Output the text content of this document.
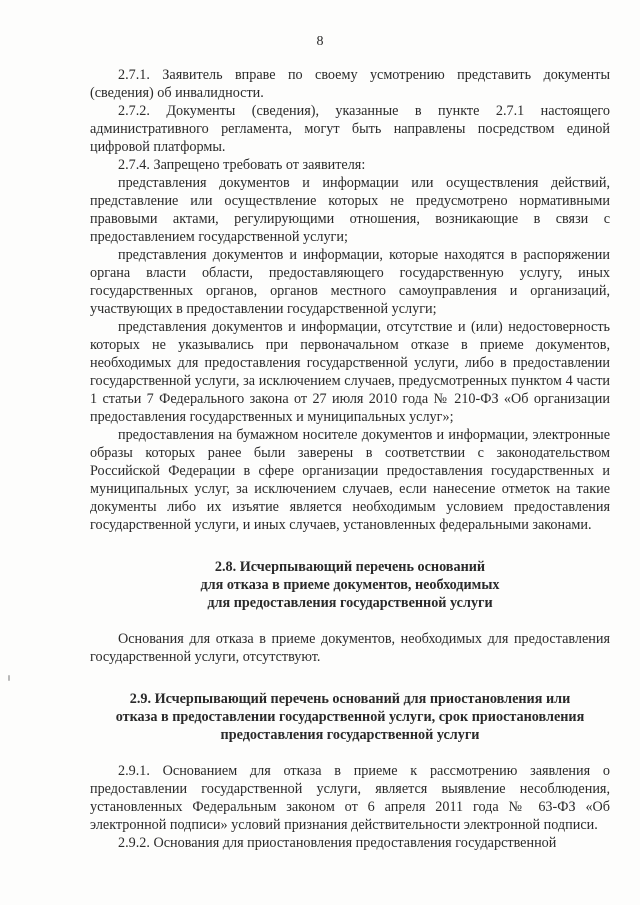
8

2.7.1. Заявитель вправе по своему усмотрению представить документы (сведения) об инвалидности.

2.7.2. Документы (сведения), указанные в пункте 2.7.1 настоящего административного регламента, могут быть направлены посредством единой цифровой платформы.

2.7.4. Запрещено требовать от заявителя:

представления документов и информации или осуществления действий, представление или осуществление которых не предусмотрено нормативными правовыми актами, регулирующими отношения, возникающие в связи с предоставлением государственной услуги;

представления документов и информации, которые находятся в распоряжении органа власти области, предоставляющего государственную услугу, иных государственных органов, органов местного самоуправления и организаций, участвующих в предоставлении государственной услуги;

представления документов и информации, отсутствие и (или) недостоверность которых не указывались при первоначальном отказе в приеме документов, необходимых для предоставления государственной услуги, либо в предоставлении государственной услуги, за исключением случаев, предусмотренных пунктом 4 части 1 статьи 7 Федерального закона от 27 июля 2010 года № 210-ФЗ «Об организации предоставления государственных и муниципальных услуг»;

предоставления на бумажном носителе документов и информации, электронные образы которых ранее были заверены в соответствии с законодательством Российской Федерации в сфере организации предоставления государственных и муниципальных услуг, за исключением случаев, если нанесение отметок на такие документы либо их изъятие является необходимым условием предоставления государственной услуги, и иных случаев, установленных федеральными законами.

2.8. Исчерпывающий перечень оснований
для отказа в приеме документов, необходимых
для предоставления государственной услуги

Основания для отказа в приеме документов, необходимых для предоставления государственной услуги, отсутствуют.

2.9. Исчерпывающий перечень оснований для приостановления или
отказа в предоставлении государственной услуги, срок приостановления
предоставления государственной услуги

2.9.1. Основанием для отказа в приеме к рассмотрению заявления о предоставлении государственной услуги, является выявление несоблюдения, установленных Федеральным законом от 6 апреля 2011 года № 63-ФЗ «Об электронной подписи» условий признания действительности электронной подписи.

2.9.2. Основания для приостановления предоставления государственной
